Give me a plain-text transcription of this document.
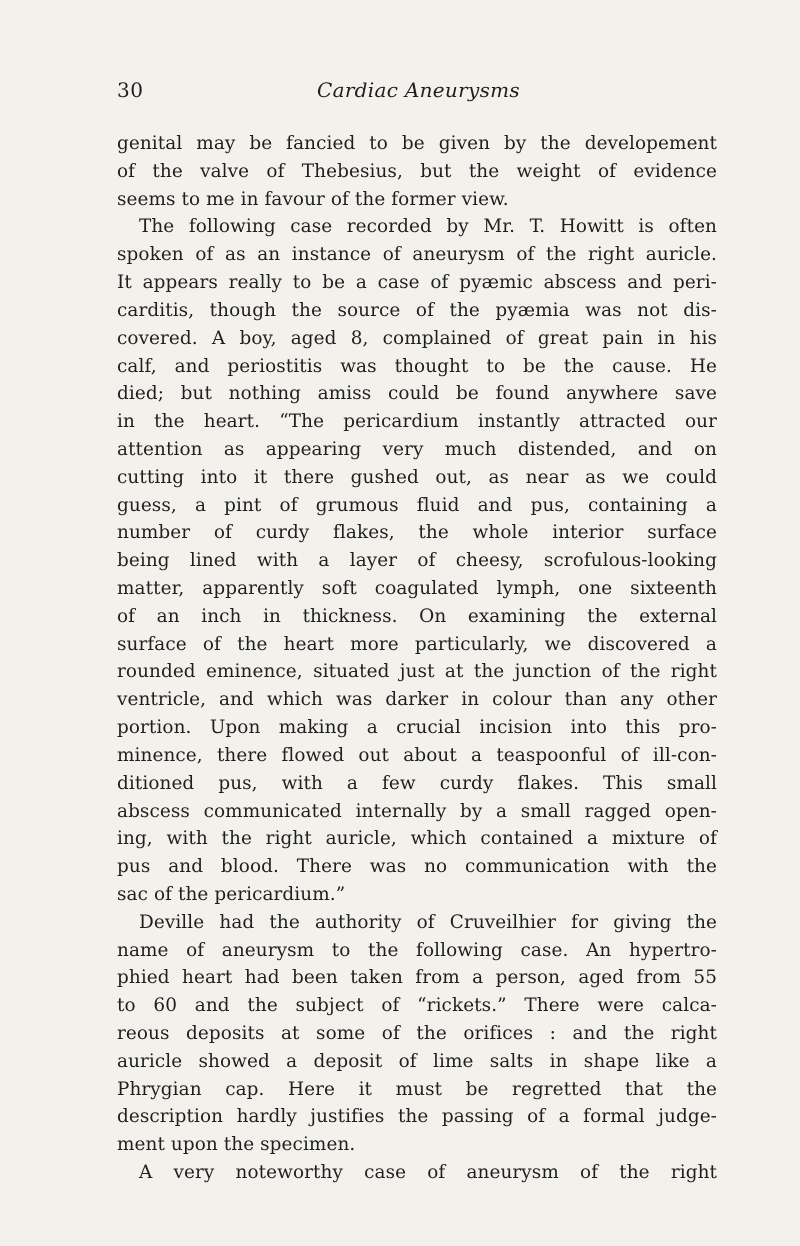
30	Cardiac Aneurysms
genital may be fancied to be given by the developement
of the valve of Thebesius, but the weight of evidence
seems to me in favour of the former view.
The following case recorded by Mr. T. Howitt is often
spoken of as an instance of aneurysm of the right auricle.
It appears really to be a case of pyæmic abscess and peri-
carditis, though the source of the pyæmia was not dis-
covered. A boy, aged 8, complained of great pain in his
calf, and periostitis was thought to be the cause. He
died; but nothing amiss could be found anywhere save
in the heart. “The pericardium instantly attracted our
attention as appearing very much distended, and on
cutting into it there gushed out, as near as we could
guess, a pint of grumous fluid and pus, containing a
number of curdy flakes, the whole interior surface
being lined with a layer of cheesy, scrofulous-looking
matter, apparently soft coagulated lymph, one sixteenth
of an inch in thickness. On examining the external
surface of the heart more particularly, we discovered a
rounded eminence, situated just at the junction of the right
ventricle, and which was darker in colour than any other
portion. Upon making a crucial incision into this pro-
minence, there flowed out about a teaspoonful of ill-con-
ditioned pus, with a few curdy flakes. This small
abscess communicated internally by a small ragged open-
ing, with the right auricle, which contained a mixture of
pus and blood. There was no communication with the
sac of the pericardium.”
Deville had the authority of Cruveilhier for giving the
name of aneurysm to the following case. An hypertro-
phied heart had been taken from a person, aged from 55
to 60 and the subject of “rickets.” There were calca-
reous deposits at some of the orifices : and the right
auricle showed a deposit of lime salts in shape like a
Phrygian cap. Here it must be regretted that the
description hardly justifies the passing of a formal judge-
ment upon the specimen.
A very noteworthy case of aneurysm of the right
